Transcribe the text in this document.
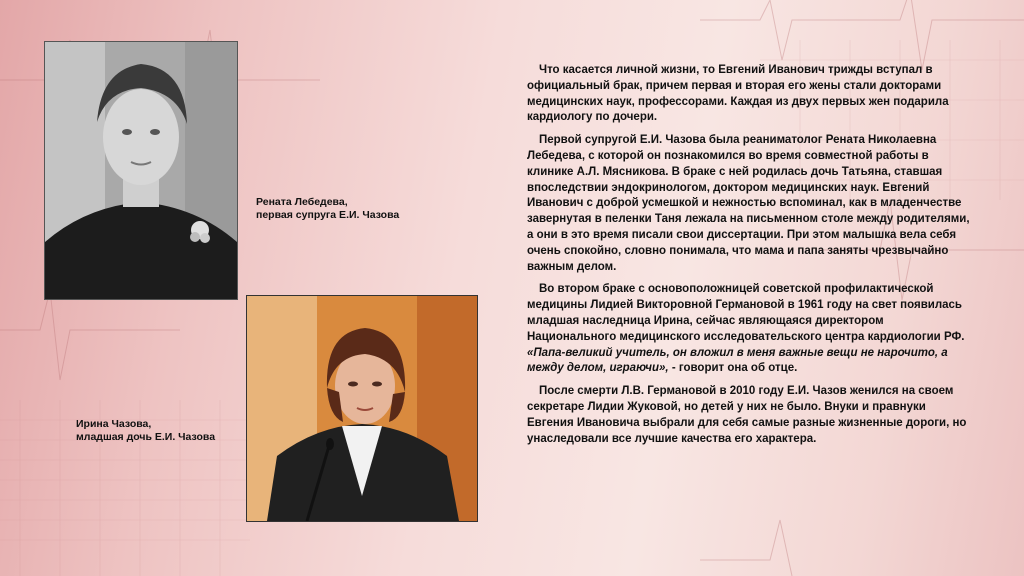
Рената Лебедева,
первая супруга Е.И. Чазова
Ирина Чазова,
младшая дочь Е.И. Чазова

Что касается личной жизни, то Евгений Иванович трижды вступал в официальный брак, причем первая и вторая его жены стали докторами медицинских наук, профессорами. Каждая из двух первых жен подарила кардиологу по дочери.

Первой супругой Е.И. Чазова была реаниматолог Рената Николаевна Лебедева, с которой он познакомился во время совместной работы в клинике А.Л. Мясникова. В браке с ней родилась дочь Татьяна, ставшая впоследствии эндокринологом, доктором медицинских наук. Евгений Иванович с доброй усмешкой и нежностью вспоминал, как в младенчестве завернутая в пеленки Таня лежала на письменном столе между родителями, а они в это время писали свои диссертации. При этом малышка вела себя очень спокойно, словно понимала, что мама и папа заняты чрезвычайно важным делом.

Во втором браке с основоположницей советской профилактической медицины Лидией Викторовной Германовой в 1961 году на свет появилась младшая наследница Ирина, сейчас являющаяся директором Национального медицинского исследовательского центра кардиологии РФ. «Папа-великий учитель, он вложил в меня важные вещи не нарочито, а между делом, играючи», - говорит она об отце.

После смерти Л.В. Германовой в 2010 году Е.И. Чазов женился на своем секретаре Лидии Жуковой, но детей у них не было. Внуки и правнуки Евгения Ивановича выбрали для себя самые разные жизненные дороги, но унаследовали все лучшие качества его характера.
